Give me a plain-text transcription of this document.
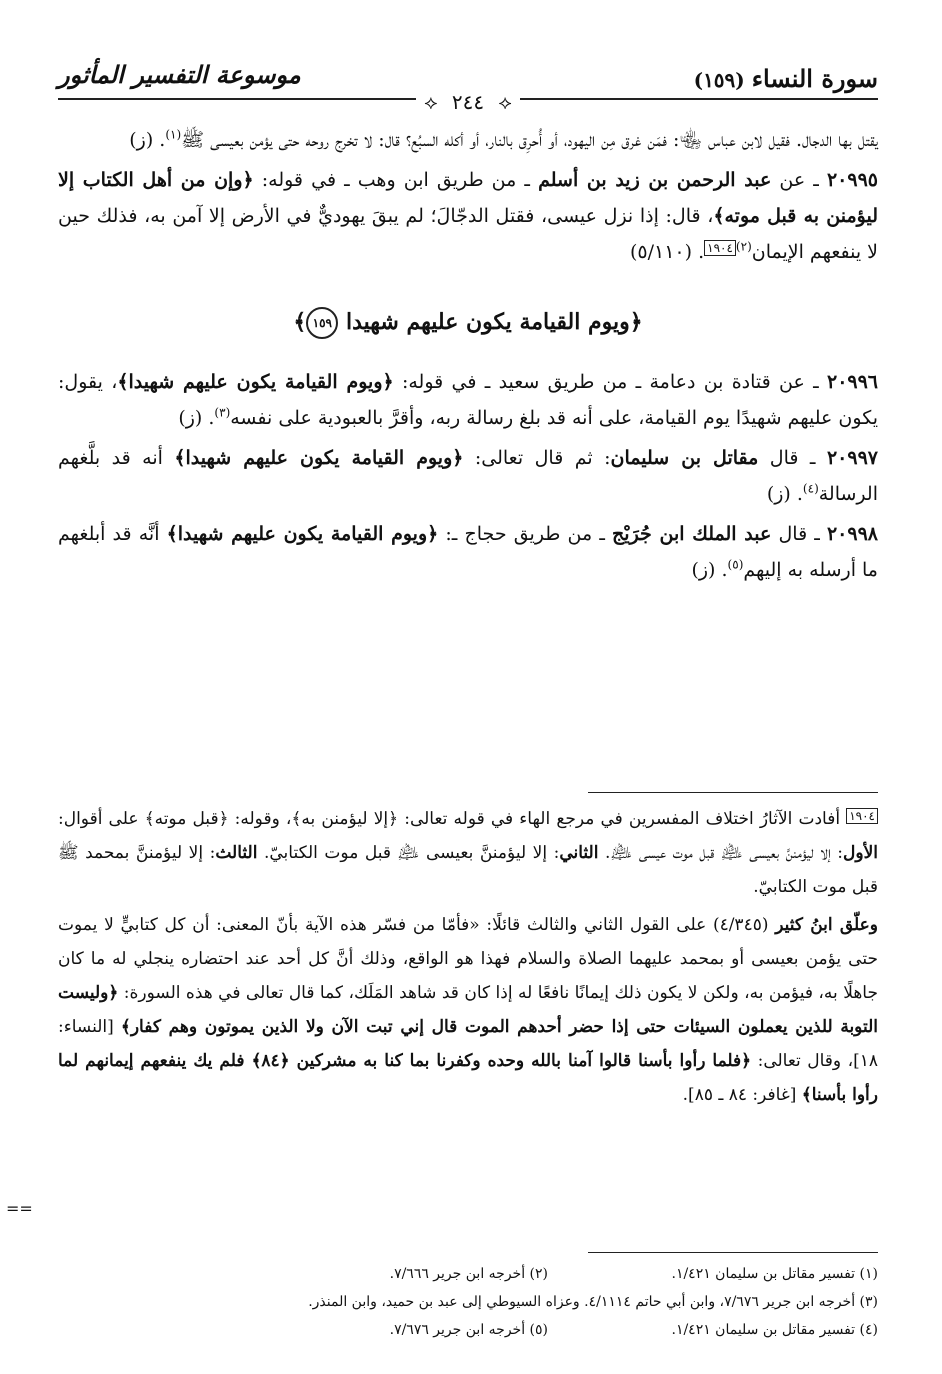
سورة النساء (١٥٩)
موسوعة التفسير المأثور
⟡ ٢٤٤ ⟡

يقتل بها الدجال. فقيل لابن عباس ﵄: فمَن غرق مِن اليهود، أو أُحرِق بالنار، أو أكله السبُع؟ قال: لا تخرج روحه حتى يؤمن بعيسى ﷺ$^{(١)}$. (ز)

٢٠٩٩٥ ـ عن عبد الرحمن بن زيد بن أسلم ـ من طريق ابن وهب ـ في قوله: ﴿وإن من أهل الكتاب إلا ليؤمنن به قبل موته﴾، قال: إذا نزل عيسى، فقتل الدجّالَ؛ لم يبقَ يهوديٌّ في الأرض إلا آمن به، فذلك حين لا ينفعهم الإيمان$^{(٢)}$١٩٠٤. (٥/١١٠)

﴿ويوم القيامة يكون عليهم شهيدا ١٥٩﴾

٢٠٩٩٦ ـ عن قتادة بن دعامة ـ من طريق سعيد ـ في قوله: ﴿ويوم القيامة يكون عليهم شهيدا﴾، يقول: يكون عليهم شهيدًا يوم القيامة، على أنه قد بلغ رسالة ربه، وأقرَّ بالعبودية على نفسه$^{(٣)}$. (ز)

٢٠٩٩٧ ـ قال مقاتل بن سليمان: ثم قال تعالى: ﴿ويوم القيامة يكون عليهم شهيدا﴾ أنه قد بلَّغهم الرسالة$^{(٤)}$. (ز)

٢٠٩٩٨ ـ قال عبد الملك ابن جُرَيْج ـ من طريق حجاج ـ: ﴿ويوم القيامة يكون عليهم شهيدا﴾ أنَّه قد أبلغهم ما أرسله به إليهم$^{(٥)}$. (ز)

١٩٠٤ أفادت الآثارُ اختلاف المفسرين في مرجع الهاء في قوله تعالى: ﴿إلا ليؤمنن به﴾، وقوله: ﴿قبل موته﴾ على أقوال: الأول: إلا ليؤمننَّ بعيسى ﵇ قبل موت عيسى ﵇. الثاني: إلا ليؤمننَّ بعيسى ﵇ قبل موت الكتابيّ. الثالث: إلا ليؤمننَّ بمحمد ﷺ قبل موت الكتابيّ.

وعلّق ابنُ كثير (٤/٣٤٥) على القول الثاني والثالث قائلًا: «فأمّا من فسّر هذه الآية بأنّ المعنى: أن كل كتابيٍّ لا يموت حتى يؤمن بعيسى أو بمحمد عليهما الصلاة والسلام فهذا هو الواقع، وذلك أنَّ كل أحد عند احتضاره ينجلي له ما كان جاهلًا به، فيؤمن به، ولكن لا يكون ذلك إيمانًا نافعًا له إذا كان قد شاهد المَلَك، كما قال تعالى في هذه السورة: ﴿وليست التوبة للذين يعملون السيئات حتى إذا حضر أحدهم الموت قال إني تبت الآن ولا الذين يموتون وهم كفار﴾ [النساء: ١٨]، وقال تعالى: ﴿فلما رأوا بأسنا قالوا آمنا بالله وحده وكفرنا بما كنا به مشركين ﴿٨٤﴾ فلم يك ينفعهم إيمانهم لما رأوا بأسنا﴾ [غافر: ٨٤ ـ ٨٥].

==
(١) تفسير مقاتل بن سليمان ١/٤٢١.
(٢) أخرجه ابن جرير ٧/٦٦٦.
(٣) أخرجه ابن جرير ٧/٦٧٦، وابن أبي حاتم ٤/١١١٤. وعزاه السيوطي إلى عبد بن حميد، وابن المنذر.
(٤) تفسير مقاتل بن سليمان ١/٤٢١.
(٥) أخرجه ابن جرير ٧/٦٧٦.
